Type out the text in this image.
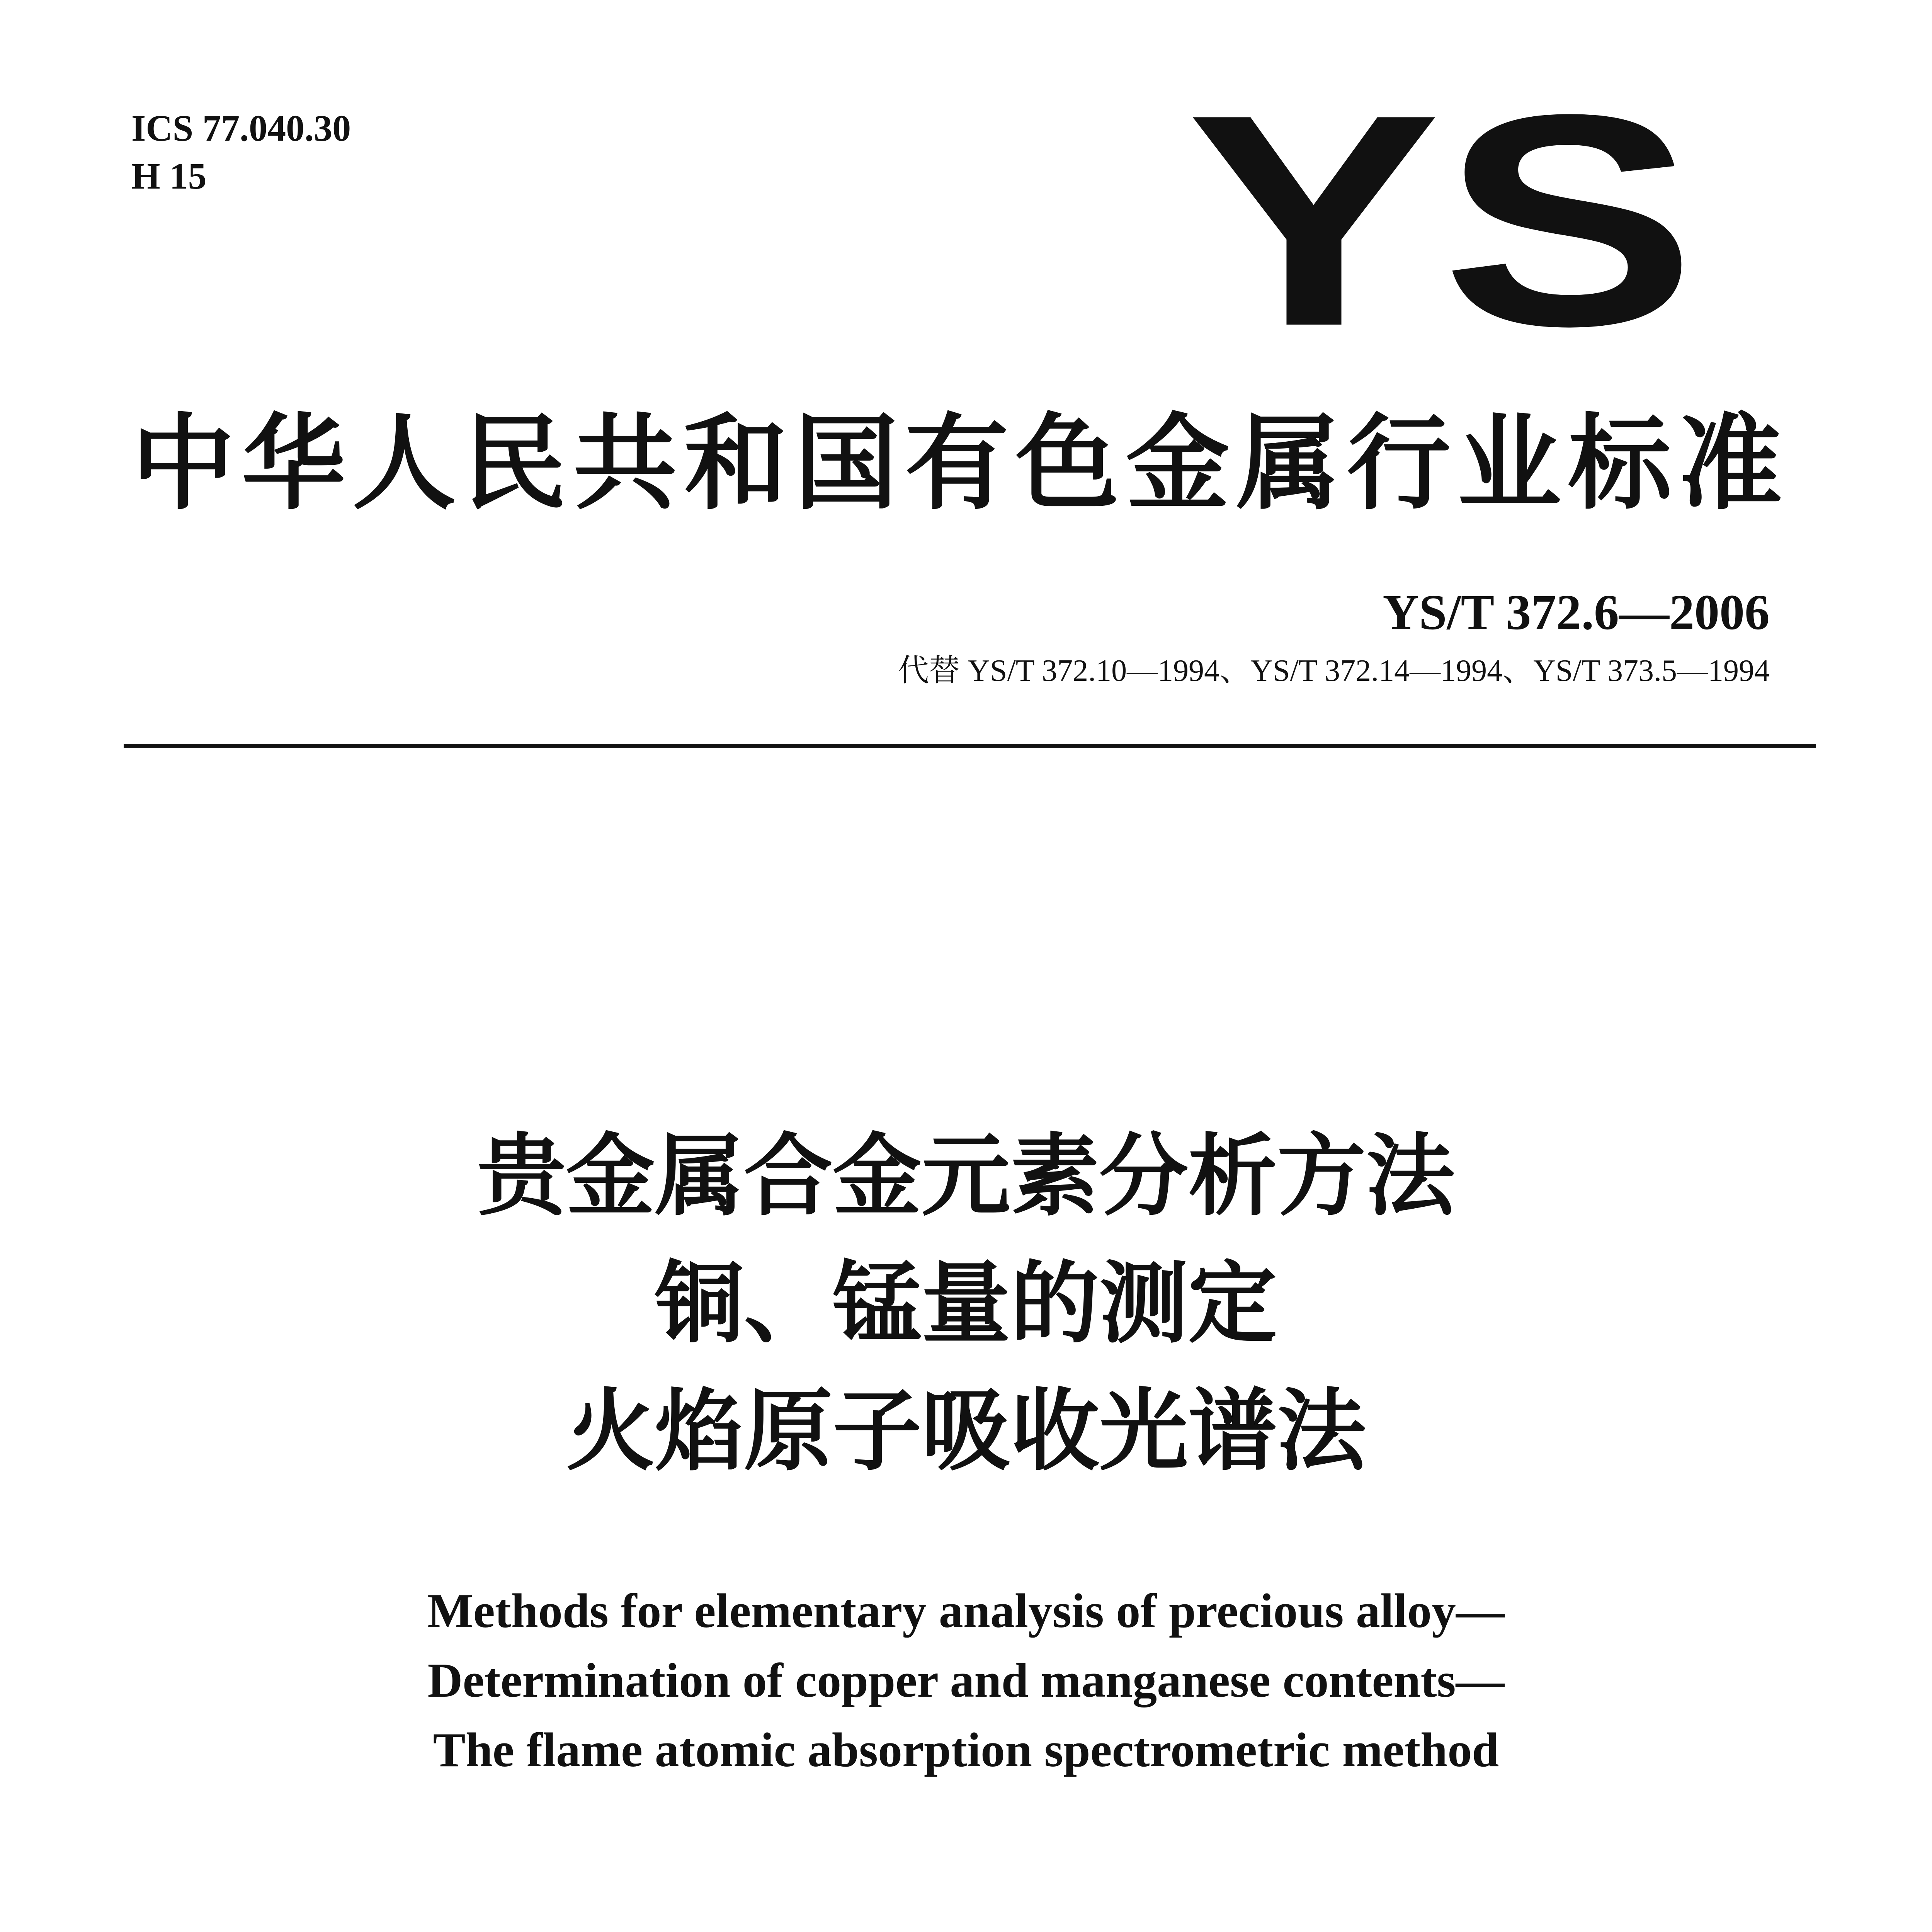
ICS 77.040.30
H 15	YS
中华人民共和国有色金属行业标准
YS/T 372.6—2006
代替 YS/T 372.10—1994、YS/T 372.14—1994、YS/T 373.5—1994
贵金属合金元素分析方法
铜、锰量的测定
火焰原子吸收光谱法
Methods for elementary analysis of precious alloy—
Determination of copper and manganese contents—
The flame atomic absorption spectrometric method
